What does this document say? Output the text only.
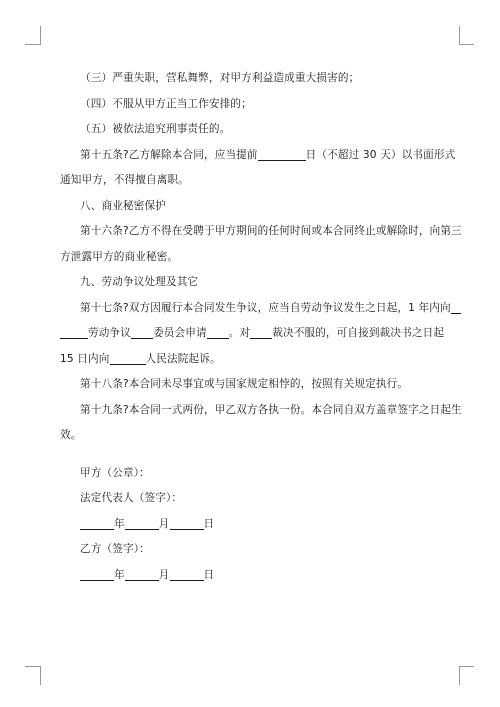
（三）严重失职，营私舞弊，对甲方利益造成重大损害的；
（四）不服从甲方正当工作安排的；
（五）被依法追究刑事责任的。
第十五条?乙方解除本合同，应当提前	日（不超过 30 天）以书面形式
通知甲方，不得擅自离职。
八、商业秘密保护
第十六条?乙方不得在受聘于甲方期间的任何时间或本合同终止或解除时，向第三
方泄露甲方的商业秘密。
九、劳动争议处理及其它
第十七条?双方因履行本合同发生争议，应当自劳动争议发生之日起，1 年内向
劳动争议 委员会申请 。对 裁决不服的，可自接到裁决书之日起
15 日内向	人民法院起诉。
第十八条?本合同未尽事宜或与国家规定相悖的，按照有关规定执行。
第十九条?本合同一式两份，甲乙双方各执一份。本合同自双方盖章签字之日起生
效。
甲方（公章）：
法定代表人（签字）：
年	月	日
乙方（签字）：
年	月	日
